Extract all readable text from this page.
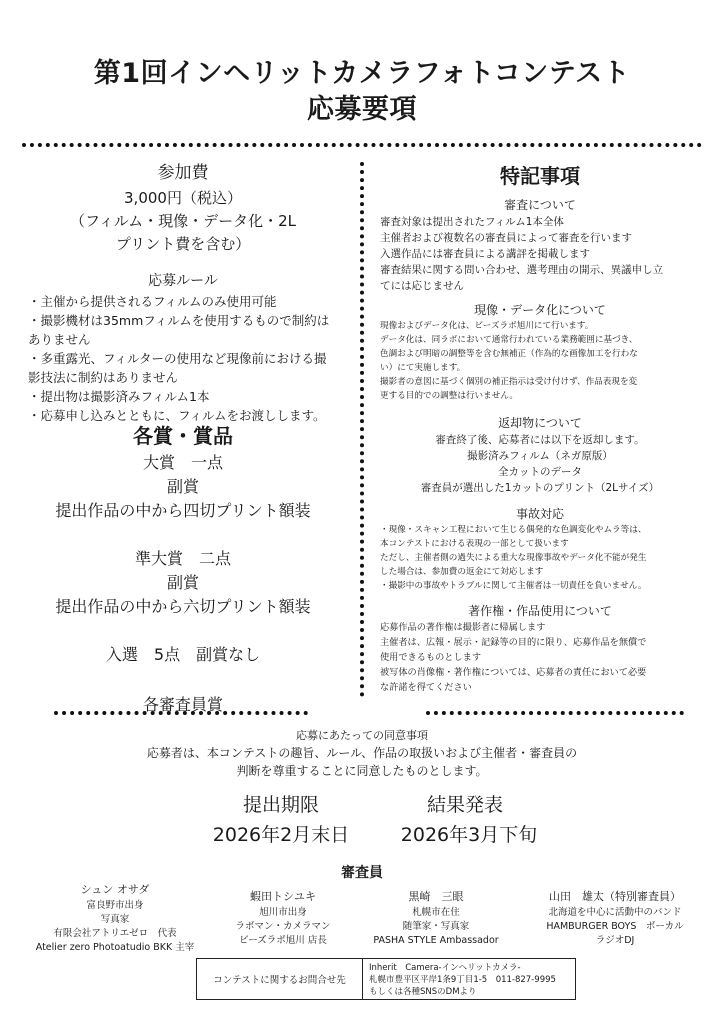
第1回インヘリットカメラフォトコンテスト
応募要項
参加費
3,000円（税込）
（フィルム・現像・データ化・2L
プリント費を含む）
応募ルール
・主催から提供されるフィルムのみ使用可能
・撮影機材は35mmフィルムを使用するもので制約は
ありません
・多重露光、フィルターの使用など現像前における撮
影技法に制約はありません
・提出物は撮影済みフィルム1本
・応募申し込みとともに、フィルムをお渡しします。
各賞・賞品
大賞　一点
副賞
提出作品の中から四切プリント額装
準大賞　二点
副賞
提出作品の中から六切プリント額装
入選　5点　副賞なし
各審査員賞
特記事項
審査について
審査対象は提出されたフィルム1本全体
主催者および複数名の審査員によって審査を行います
入選作品には審査員による講評を掲載します
審査結果に関する問い合わせ、選考理由の開示、異議申し立
てには応じません
現像・データ化について
現像およびデータ化は、ビーズラボ旭川にて行います。
データ化は、同ラボにおいて通常行われている業務範囲に基づき、
色調および明暗の調整等を含む無補正（作為的な画像加工を行わな
い）にて実施します。
撮影者の意図に基づく個別の補正指示は受け付けず、作品表現を変
更する目的での調整は行いません。
返却物について
審査終了後、応募者には以下を返却します。
撮影済みフィルム（ネガ原版）
全カットのデータ
審査員が選出した1カットのプリント（2Lサイズ）
事故対応
・現像・スキャン工程において生じる偶発的な色調変化やムラ等は、
本コンテストにおける表現の一部として扱います
ただし、主催者側の過失による重大な現像事故やデータ化不能が発生
した場合は、参加費の返金にて対応します
・撮影中の事故やトラブルに関して主催者は一切責任を負いません。
著作権・作品使用について
応募作品の著作権は撮影者に帰属します
主催者は、広報・展示・記録等の目的に限り、応募作品を無償で
使用できるものとします
被写体の肖像権・著作権については、応募者の責任において必要
な許諾を得てください
応募にあたっての同意事項
応募者は、本コンテストの趣旨、ルール、作品の取扱いおよび主催者・審査員の
判断を尊重することに同意したものとします。
提出期限
2026年2月末日
結果発表
2026年3月下旬
審査員
シュン オサダ
富良野市出身
写真家
有限会社アトリエゼロ　代表
Atelier zero Photoatudio BKK 主宰
蝦田トシユキ
旭川市出身
ラボマン・カメラマン
ビーズラボ旭川 店長
黒崎　三眼
札幌市在住
随筆家・写真家
PASHA STYLE Ambassador
山田　雄太（特別審査員）
北海道を中心に活動中のバンド
HAMBURGER BOYS　ボーカル
ラジオDJ
コンテストに関するお問合せ先
Inherit　Camera-インヘリットカメラ-
札幌市豊平区平岸1条9丁目1-5　011-827-9995
もしくは各種SNSのDMより
